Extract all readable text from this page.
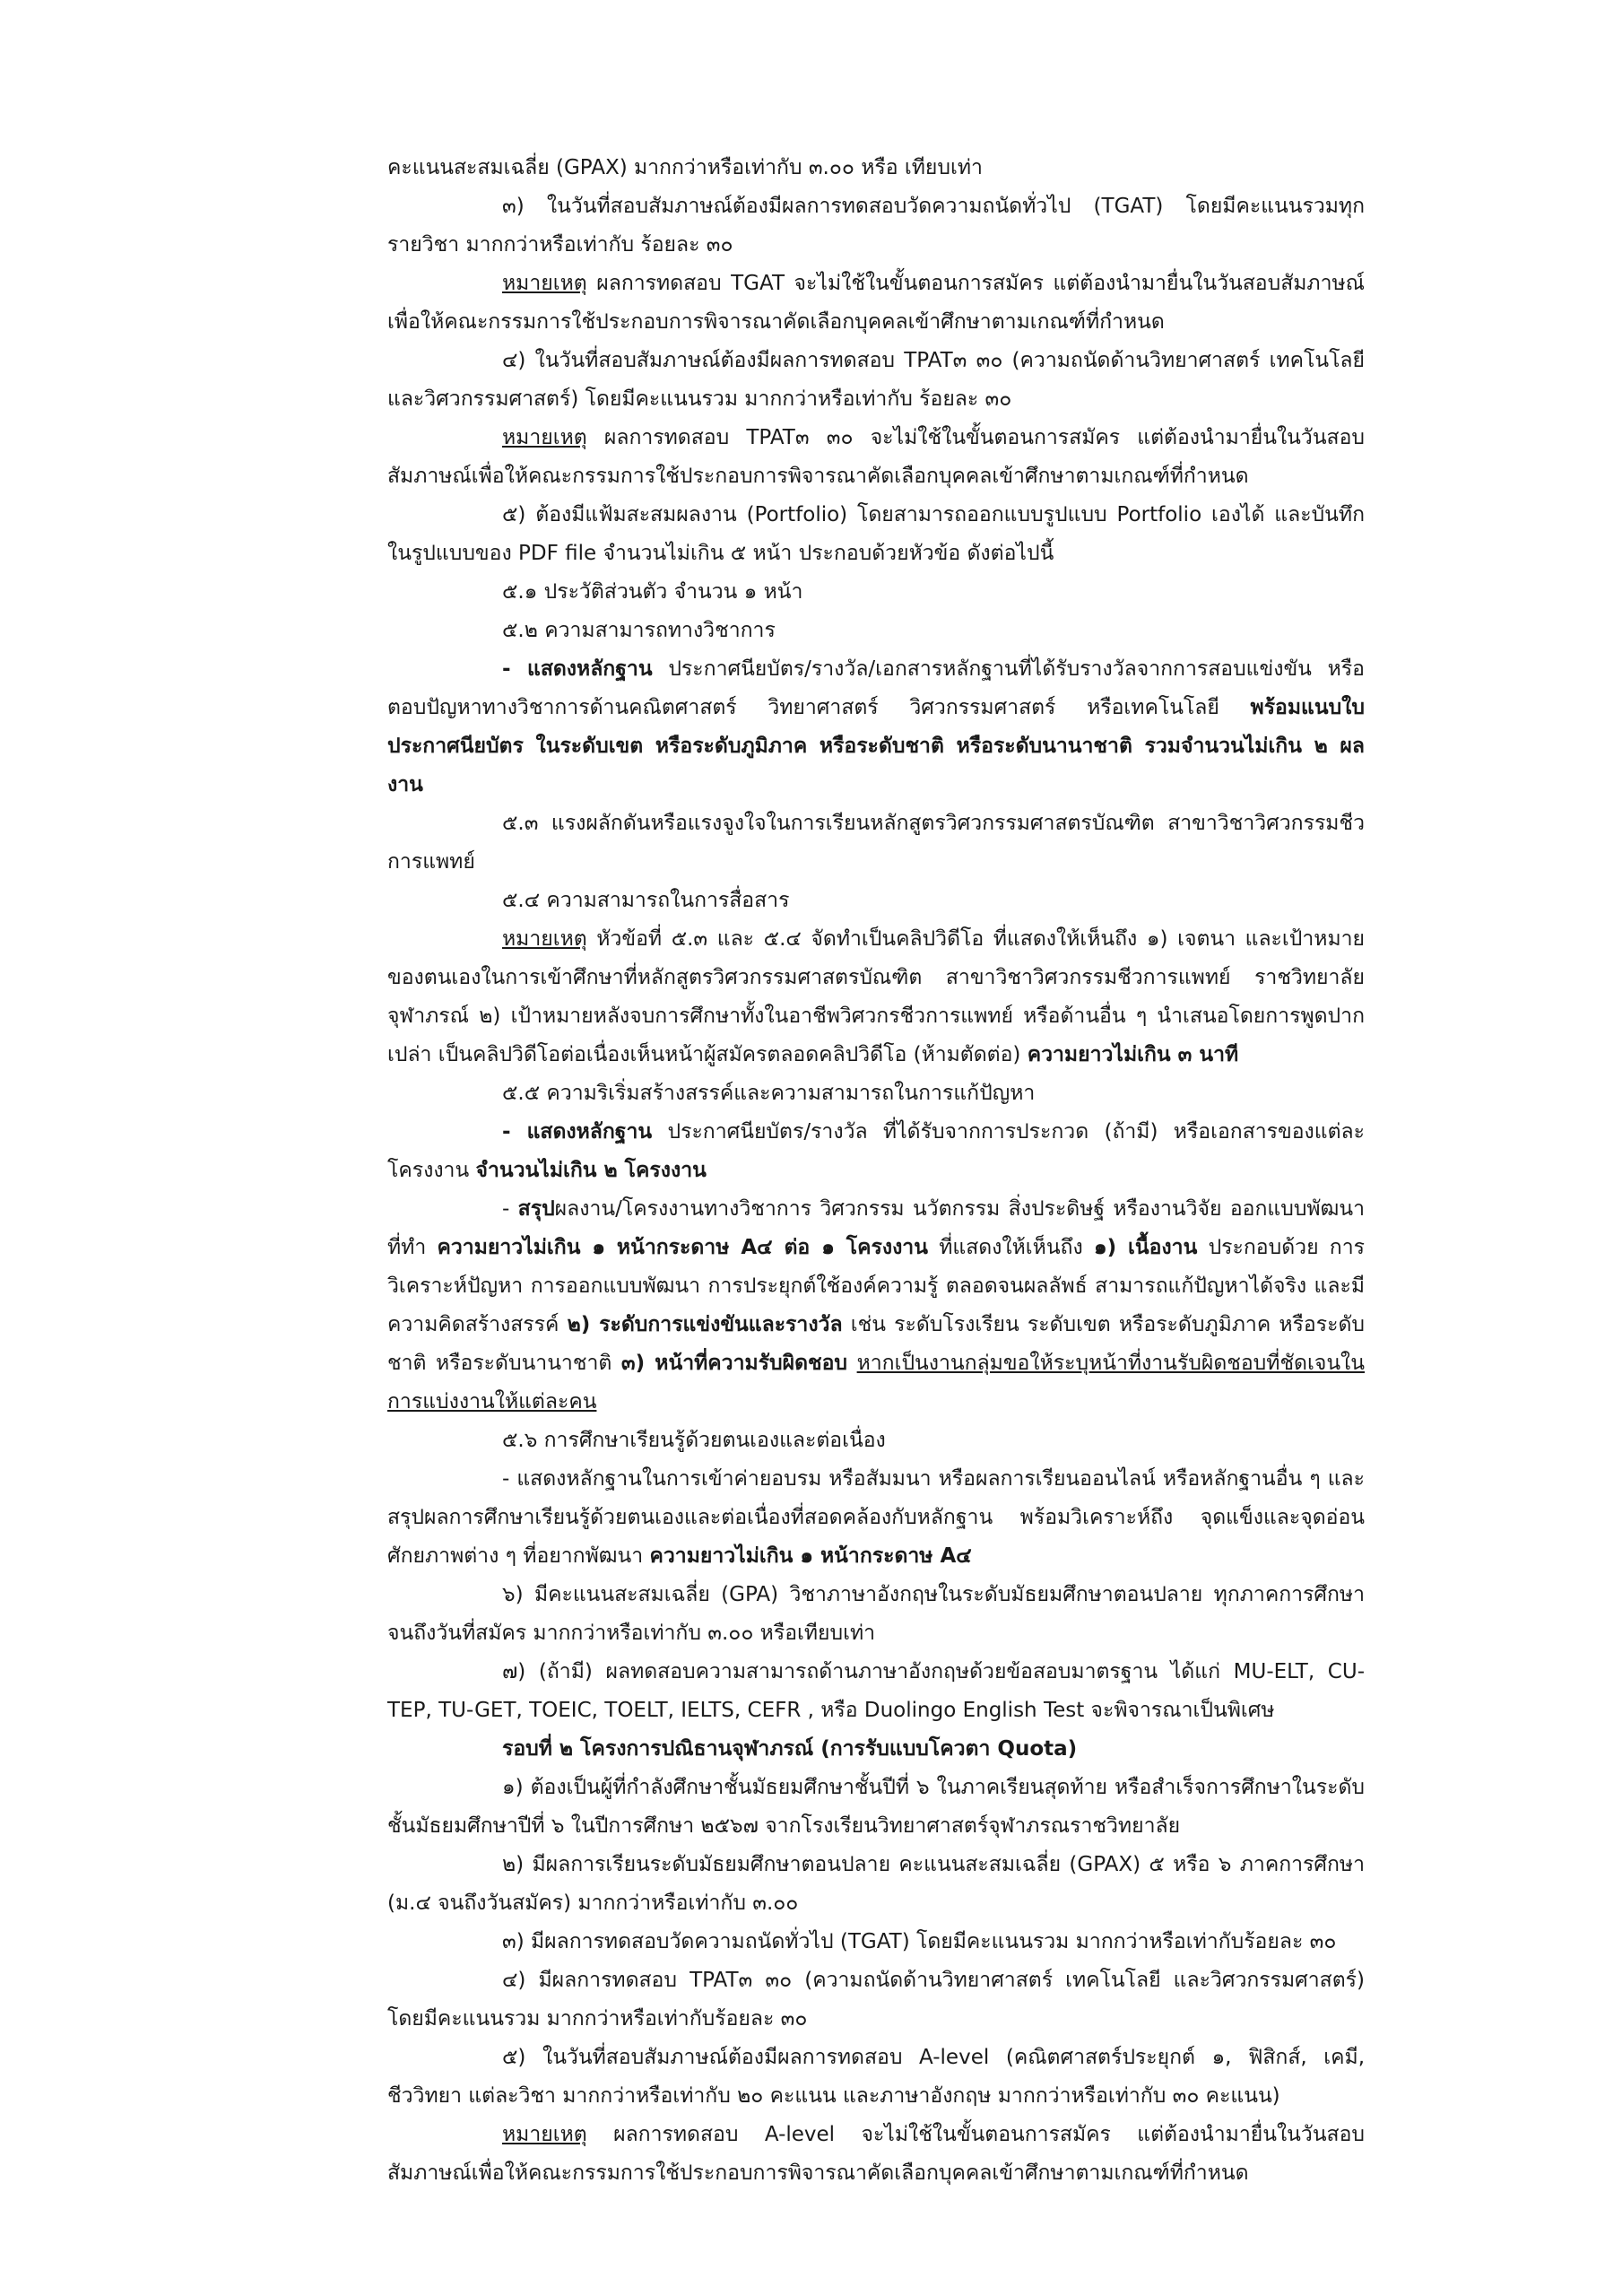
คะแนนสะสมเฉลี่ย (GPAX) มากกว่าหรือเท่ากับ ๓.๐๐ หรือ เทียบเท่า

๓) ในวันที่สอบสัมภาษณ์ต้องมีผลการทดสอบวัดความถนัดทั่วไป (TGAT) โดยมีคะแนนรวมทุกรายวิชา มากกว่าหรือเท่ากับ ร้อยละ ๓๐

หมายเหตุ ผลการทดสอบ TGAT จะไม่ใช้ในขั้นตอนการสมัคร แต่ต้องนำมายื่นในวันสอบสัมภาษณ์ เพื่อให้คณะกรรมการใช้ประกอบการพิจารณาคัดเลือกบุคคลเข้าศึกษาตามเกณฑ์ที่กำหนด

๔) ในวันที่สอบสัมภาษณ์ต้องมีผลการทดสอบ TPAT๓ ๓๐ (ความถนัดด้านวิทยาศาสตร์ เทคโนโลยี และวิศวกรรมศาสตร์) โดยมีคะแนนรวม มากกว่าหรือเท่ากับ ร้อยละ ๓๐

หมายเหตุ ผลการทดสอบ TPAT๓ ๓๐ จะไม่ใช้ในขั้นตอนการสมัคร แต่ต้องนำมายื่นในวันสอบสัมภาษณ์เพื่อให้คณะกรรมการใช้ประกอบการพิจารณาคัดเลือกบุคคลเข้าศึกษาตามเกณฑ์ที่กำหนด

๕) ต้องมีแฟ้มสะสมผลงาน (Portfolio) โดยสามารถออกแบบรูปแบบ Portfolio เองได้ และบันทึกในรูปแบบของ PDF file จำนวนไม่เกิน ๕ หน้า ประกอบด้วยหัวข้อ ดังต่อไปนี้

๕.๑ ประวัติส่วนตัว จำนวน ๑ หน้า

๕.๒ ความสามารถทางวิชาการ

- แสดงหลักฐาน ประกาศนียบัตร/รางวัล/เอกสารหลักฐานที่ได้รับรางวัลจากการสอบแข่งขัน หรือตอบปัญหาทางวิชาการด้านคณิตศาสตร์ วิทยาศาสตร์ วิศวกรรมศาสตร์ หรือเทคโนโลยี พร้อมแนบใบประกาศนียบัตร ในระดับเขต หรือระดับภูมิภาค หรือระดับชาติ หรือระดับนานาชาติ รวมจำนวนไม่เกิน ๒ ผลงาน

๕.๓ แรงผลักดันหรือแรงจูงใจในการเรียนหลักสูตรวิศวกรรมศาสตรบัณฑิต สาขาวิชาวิศวกรรมชีวการแพทย์

๕.๔ ความสามารถในการสื่อสาร

หมายเหตุ หัวข้อที่ ๕.๓ และ ๕.๔ จัดทำเป็นคลิปวิดีโอ ที่แสดงให้เห็นถึง ๑) เจตนา และเป้าหมายของตนเองในการเข้าศึกษาที่หลักสูตรวิศวกรรมศาสตรบัณฑิต สาขาวิชาวิศวกรรมชีวการแพทย์ ราชวิทยาลัยจุฬาภรณ์ ๒) เป้าหมายหลังจบการศึกษาทั้งในอาชีพวิศวกรชีวการแพทย์ หรือด้านอื่น ๆ นำเสนอโดยการพูดปากเปล่า เป็นคลิปวิดีโอต่อเนื่องเห็นหน้าผู้สมัครตลอดคลิปวิดีโอ (ห้ามตัดต่อ) ความยาวไม่เกิน ๓ นาที

๕.๕ ความริเริ่มสร้างสรรค์และความสามารถในการแก้ปัญหา

- แสดงหลักฐาน ประกาศนียบัตร/รางวัล ที่ได้รับจากการประกวด (ถ้ามี) หรือเอกสารของแต่ละโครงงาน จำนวนไม่เกิน ๒ โครงงาน

- สรุปผลงาน/โครงงานทางวิชาการ วิศวกรรม นวัตกรรม สิ่งประดิษฐ์ หรืองานวิจัย ออกแบบพัฒนาที่ทำ ความยาวไม่เกิน ๑ หน้ากระดาษ A๔ ต่อ ๑ โครงงาน ที่แสดงให้เห็นถึง ๑) เนื้องาน ประกอบด้วย การวิเคราะห์ปัญหา การออกแบบพัฒนา การประยุกต์ใช้องค์ความรู้ ตลอดจนผลลัพธ์ สามารถแก้ปัญหาได้จริง และมีความคิดสร้างสรรค์ ๒) ระดับการแข่งขันและรางวัล เช่น ระดับโรงเรียน ระดับเขต หรือระดับภูมิภาค หรือระดับชาติ หรือระดับนานาชาติ ๓) หน้าที่ความรับผิดชอบ หากเป็นงานกลุ่มขอให้ระบุหน้าที่งานรับผิดชอบที่ชัดเจนในการแบ่งงานให้แต่ละคน

๕.๖ การศึกษาเรียนรู้ด้วยตนเองและต่อเนื่อง

- แสดงหลักฐานในการเข้าค่ายอบรม หรือสัมมนา หรือผลการเรียนออนไลน์ หรือหลักฐานอื่น ๆ และสรุปผลการศึกษาเรียนรู้ด้วยตนเองและต่อเนื่องที่สอดคล้องกับหลักฐาน พร้อมวิเคราะห์ถึง จุดแข็งและจุดอ่อนศักยภาพต่าง ๆ ที่อยากพัฒนา ความยาวไม่เกิน ๑ หน้ากระดาษ A๔

๖) มีคะแนนสะสมเฉลี่ย (GPA) วิชาภาษาอังกฤษในระดับมัธยมศึกษาตอนปลาย ทุกภาคการศึกษาจนถึงวันที่สมัคร มากกว่าหรือเท่ากับ ๓.๐๐ หรือเทียบเท่า

๗) (ถ้ามี) ผลทดสอบความสามารถด้านภาษาอังกฤษด้วยข้อสอบมาตรฐาน ได้แก่ MU-ELT, CU-TEP, TU-GET, TOEIC, TOELT, IELTS, CEFR , หรือ Duolingo English Test จะพิจารณาเป็นพิเศษ

รอบที่ ๒ โครงการปณิธานจุฬาภรณ์ (การรับแบบโควตา Quota)

๑) ต้องเป็นผู้ที่กำลังศึกษาชั้นมัธยมศึกษาชั้นปีที่ ๖ ในภาคเรียนสุดท้าย หรือสำเร็จการศึกษาในระดับชั้นมัธยมศึกษาปีที่ ๖ ในปีการศึกษา ๒๕๖๗ จากโรงเรียนวิทยาศาสตร์จุฬาภรณราชวิทยาลัย

๒) มีผลการเรียนระดับมัธยมศึกษาตอนปลาย คะแนนสะสมเฉลี่ย (GPAX) ๕ หรือ ๖ ภาคการศึกษา (ม.๔ จนถึงวันสมัคร) มากกว่าหรือเท่ากับ ๓.๐๐

๓) มีผลการทดสอบวัดความถนัดทั่วไป (TGAT) โดยมีคะแนนรวม มากกว่าหรือเท่ากับร้อยละ ๓๐

๔) มีผลการทดสอบ TPAT๓ ๓๐ (ความถนัดด้านวิทยาศาสตร์ เทคโนโลยี และวิศวกรรมศาสตร์) โดยมีคะแนนรวม มากกว่าหรือเท่ากับร้อยละ ๓๐

๕) ในวันที่สอบสัมภาษณ์ต้องมีผลการทดสอบ A-level (คณิตศาสตร์ประยุกต์ ๑, ฟิสิกส์, เคมี, ชีววิทยา แต่ละวิชา มากกว่าหรือเท่ากับ ๒๐ คะแนน และภาษาอังกฤษ มากกว่าหรือเท่ากับ ๓๐ คะแนน)

หมายเหตุ ผลการทดสอบ A-level จะไม่ใช้ในขั้นตอนการสมัคร แต่ต้องนำมายื่นในวันสอบสัมภาษณ์เพื่อให้คณะกรรมการใช้ประกอบการพิจารณาคัดเลือกบุคคลเข้าศึกษาตามเกณฑ์ที่กำหนด
